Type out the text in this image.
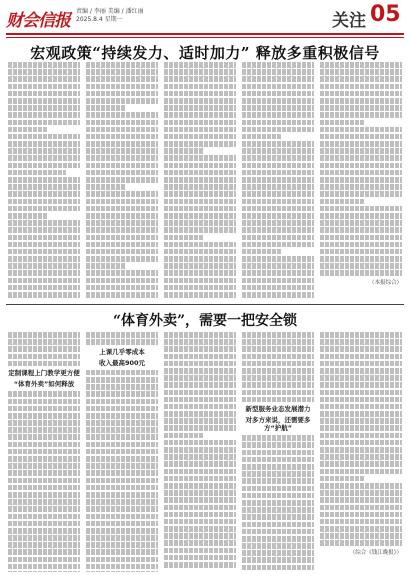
财会信报 责编 / 李丽 美编 / 潘红丽
2025.8.4 星期一	关注 05
宏观政策“持续发力、适时加力” 释放多重积极信号
（本报综合）
“体育外卖”，需要一把安全锁
定制课程上门教学更方便
“体育外卖”如何释放
上课几乎零成本
收入最高900元
新型服务业态发展潜力
对多方来说，还需要多方“护航”
（综合《钱江晚报》）
